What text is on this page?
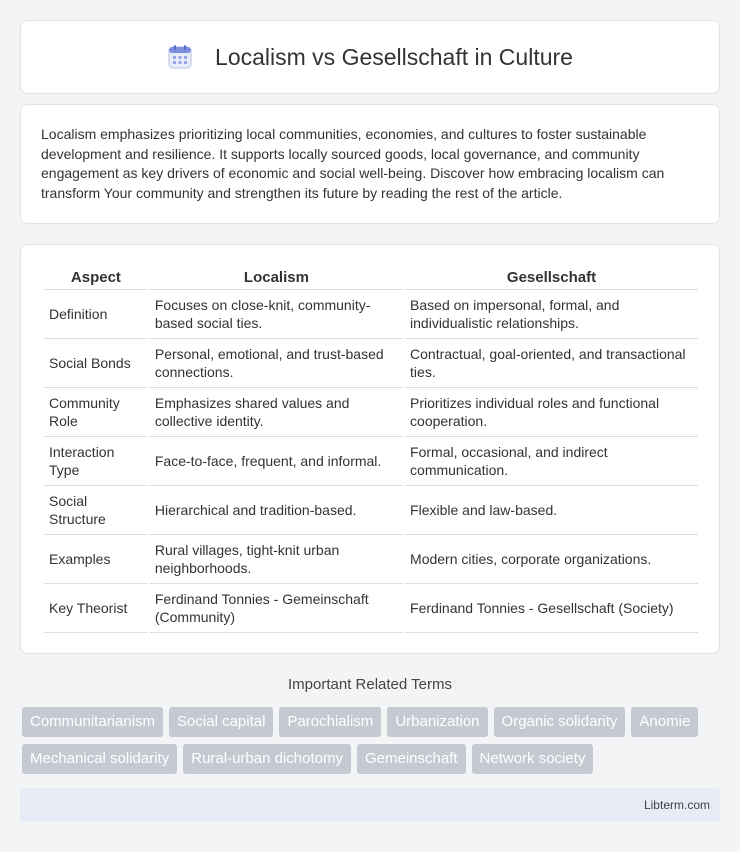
Localism vs Gesellschaft in Culture

Localism emphasizes prioritizing local communities, economies, and cultures to foster sustainable development and resilience. It supports locally sourced goods, local governance, and community engagement as key drivers of economic and social well-being. Discover how embracing localism can transform Your community and strengthen its future by reading the rest of the article.

Aspect	Localism	Gesellschaft
Definition	Focuses on close-knit, community-based social ties.	Based on impersonal, formal, and individualistic relationships.
Social Bonds	Personal, emotional, and trust-based connections.	Contractual, goal-oriented, and transactional ties.
Community Role	Emphasizes shared values and collective identity.	Prioritizes individual roles and functional cooperation.
Interaction Type	Face-to-face, frequent, and informal.	Formal, occasional, and indirect communication.
Social Structure	Hierarchical and tradition-based.	Flexible and law-based.
Examples	Rural villages, tight-knit urban neighborhoods.	Modern cities, corporate organizations.
Key Theorist	Ferdinand Tonnies - Gemeinschaft (Community)	Ferdinand Tonnies - Gesellschaft (Society)
Important Related Terms
Communitarianism Social capital Parochialism Urbanization Organic solidarity AnomieMechanical solidarity Rural-urban dichotomy Gemeinschaft Network society
Libterm.com
